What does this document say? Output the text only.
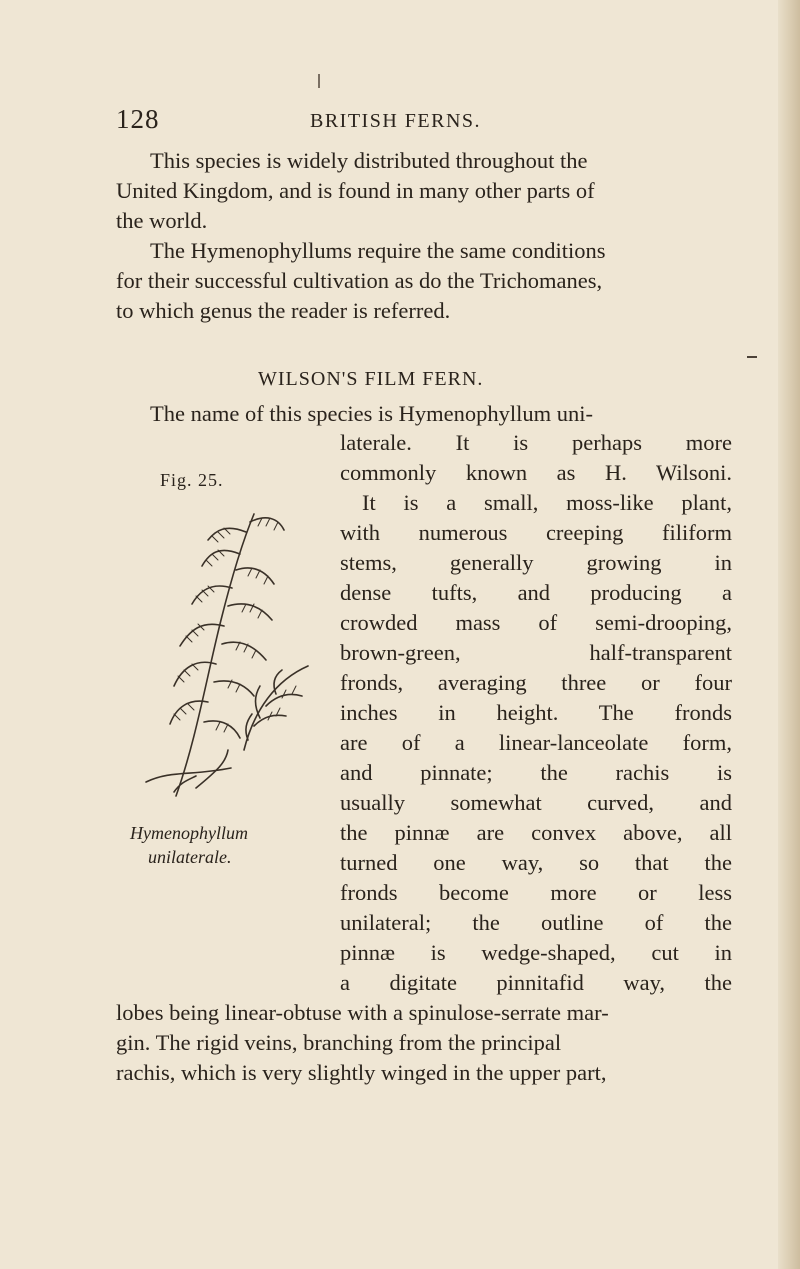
128	BRITISH FERNS.
This species is widely distributed throughout the
United Kingdom, and is found in many other parts of
the world.
The Hymenophyllums require the same conditions
for their successful cultivation as do the Trichomanes,
to which genus the reader is referred.
WILSON'S FILM FERN.
The name of this species is Hymenophyllum uni-
Fig. 25.
Hymenophyllum
unilaterale.
laterale. It is perhaps more
commonly known as H. Wilsoni.
It is a small, moss-like plant,
with numerous creeping filiform
stems, generally growing in
dense tufts, and producing a
crowded mass of semi-drooping,
brown-green, half-transparent
fronds, averaging three or four
inches in height. The fronds
are of a linear-lanceolate form,
and pinnate; the rachis is
usually somewhat curved, and
the pinnæ are convex above, all
turned one way, so that the
fronds become more or less
unilateral; the outline of the
pinnæ is wedge-shaped, cut in
a digitate pinnitafid way, the
lobes being linear-obtuse with a spinulose-serrate mar-
gin. The rigid veins, branching from the principal
rachis, which is very slightly winged in the upper part,
